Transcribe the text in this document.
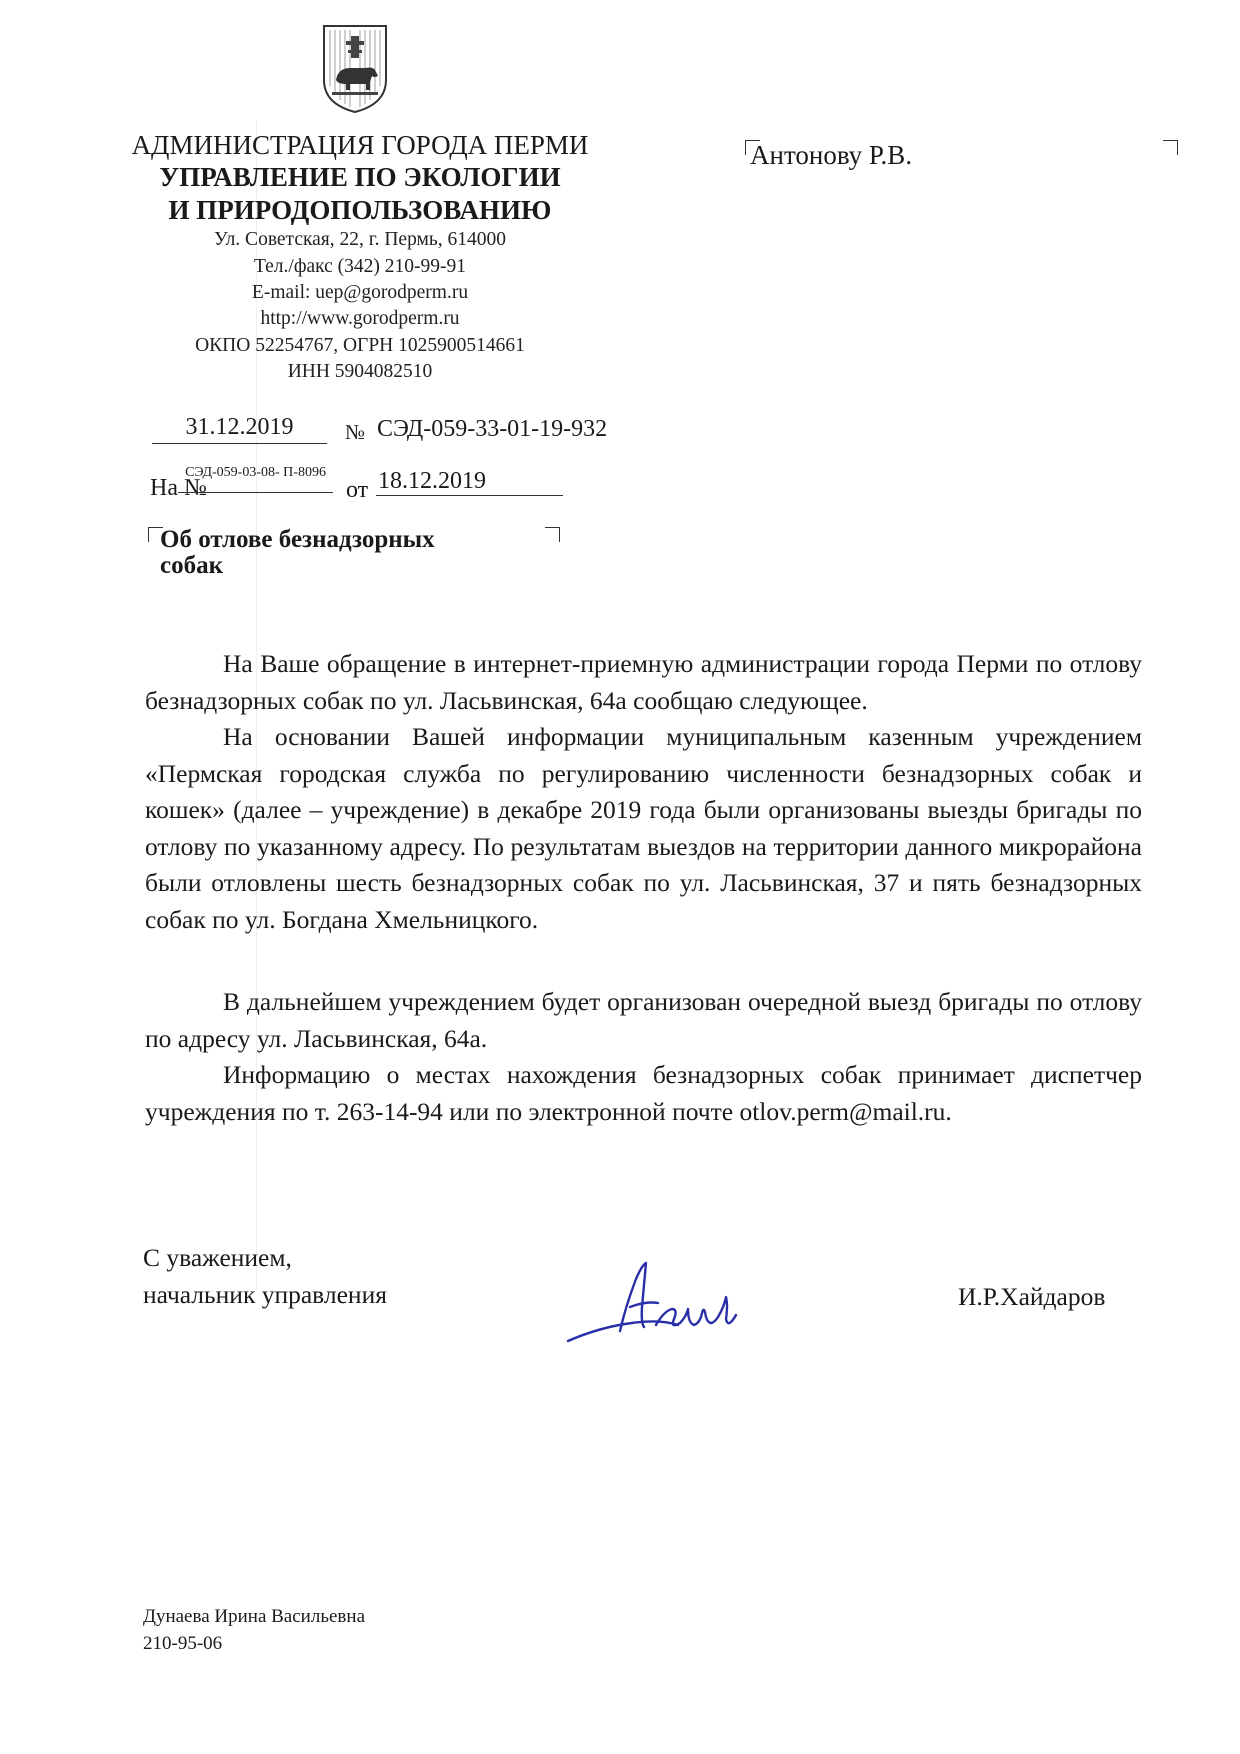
АДМИНИСТРАЦИЯ ГОРОДА ПЕРМИ
УПРАВЛЕНИЕ ПО ЭКОЛОГИИ
И ПРИРОДОПОЛЬЗОВАНИЮ
Ул. Советская, 22, г. Пермь, 614000
Тел./факс (342) 210-99-91
E-mail: uep@gorodperm.ru
http://www.gorodperm.ru
ОКПО 52254767, ОГРН 1025900514661
ИНН 5904082510
Антонову Р.В.
31.12.2019	№ СЭД-059-33-01-19-932
На №
СЭД-059-03-08- П-8096
от 18.12.2019
Об отлове безнадзорных собак
На Ваше обращение в интернет-приемную администрации города Перми по отлову безнадзорных собак по ул. Ласьвинская, 64а сообщаю следующее.
На основании Вашей информации муниципальным казенным учреждением «Пермская городская служба по регулированию численности безнадзорных собак и кошек» (далее – учреждение) в декабре 2019 года были организованы выезды бригады по отлову по указанному адресу. По результатам выездов на территории данного микрорайона были отловлены шесть безнадзорных собак по ул. Ласьвинская, 37 и пять безнадзорных собак по ул. Богдана Хмельницкого.
В дальнейшем учреждением будет организован очередной выезд бригады по отлову по адресу ул. Ласьвинская, 64а.
Информацию о местах нахождения безнадзорных собак принимает диспетчер учреждения по т. 263-14-94 или по электронной почте otlov.perm@mail.ru.
С уважением,
начальник управления	И.Р.Хайдаров
Дунаева Ирина Васильевна
210-95-06
